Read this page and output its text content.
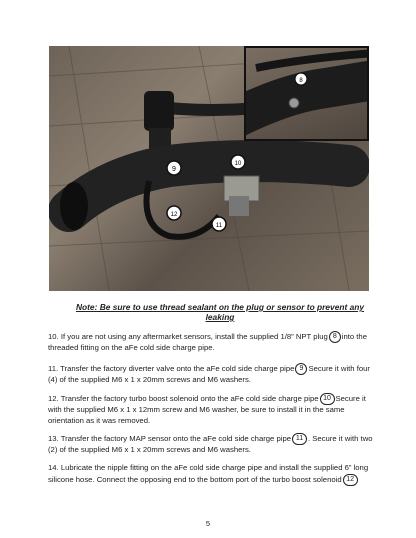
9
10
12
11
8
Note: Be sure to use thread sealant on the plug or sensor to prevent any leaking
10. If you are not using any aftermarket sensors, install the supplied 1/8” NPT plug 8 into the threaded fitting on the aFe cold side charge pipe.
11. Transfer the factory diverter valve onto the aFe cold side charge pipe 9 Secure it with four (4) of the supplied M6 x 1 x 20mm screws and M6 washers.
12. Transfer the factory turbo boost solenoid onto the aFe cold side charge pipe 10 Secure it with the supplied M6 x 1 x 12mm screw and M6 washer, be sure to install it in the same orientation as it was removed.
13. Transfer the factory MAP sensor onto the aFe cold side charge pipe 11 . Secure it with two (2) of the supplied M6 x 1 x 20mm screws and M6 washers.
14. Lubricate the nipple fitting on the aFe cold side charge pipe and install the supplied 6” long silicone hose. Connect the opposing end to the bottom port of the turbo boost solenoid 12
5
